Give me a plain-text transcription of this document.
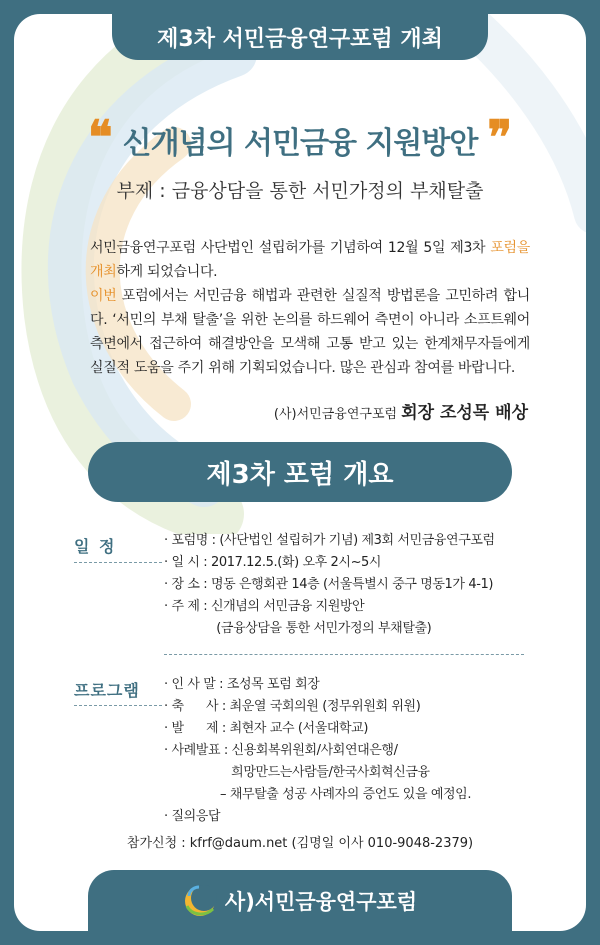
제3차 서민금융연구포럼 개최
❝ 신개념의 서민금융 지원방안 ❞
부제 : 금융상담을 통한 서민가정의 부채탈출
서민금융연구포럼 사단법인 설립허가를 기념하여 12월 5일 제3차 포럼을 개최하게 되었습니다.
이번 포럼에서는 서민금융 해법과 관련한 실질적 방법론을 고민하려 합니다. ‘서민의 부채 탈출’을 위한 논의를 하드웨어 측면이 아니라 소프트웨어 측면에서 접근하여 해결방안을 모색해 고통 받고 있는 한계채무자들에게 실질적 도움을 주기 위해 기획되었습니다. 많은 관심과 참여를 바랍니다.
(사)서민금융연구포럼 회장 조성목 배상
제3차 포럼 개요
일 정	· 포럼명 : (사단법인 설립허가 기념) 제3회 서민금융연구포럼
· 일 시 : 2017.12.5.(화) 오후 2시~5시
· 장 소 : 명동 은행회관 14층 (서울특별시 중구 명동1가 4-1)
· 주 제 : 신개념의 서민금융 지원방안
(금융상담을 통한 서민가정의 부채탈출)
프로그램 · 인 사 말 : 조성목 포럼 회장
· 축      사 : 최운열 국회의원 (정무위원회 위원)
· 발      제 : 최현자 교수 (서울대학교)
· 사례발표 : 신용회복위원회/사회연대은행/
희망만드는사람들/한국사회혁신금융
– 채무탈출 성공 사례자의 증언도 있을 예정임.
· 질의응답
참가신청 : kfrf@daum.net (김명일 이사 010-9048-2379)
사)서민금융연구포럼
